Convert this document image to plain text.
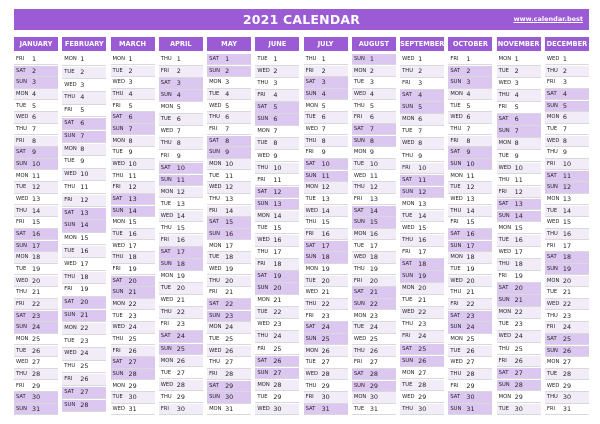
2021 CALENDAR	www.calendar.best
JANUARY
FRI 1
SAT 2
SUN 3
MON 4
TUE 5
WED 6
THU 7
FRI 8
SAT 9
SUN 10
MON 11
TUE 12
WED 13
THU 14
FRI 15
SAT 16
SUN 17
MON 18
TUE 19
WED 20
THU 21
FRI 22
SAT 23
SUN 24
MON 25
TUE 26
WED 27
THU 28
FRI 29
SAT 30
SUN 31
FEBRUARY
MON 1
TUE 2
WED 3
THU 4
FRI 5
SAT 6
SUN 7
MON 8
TUE 9
WED 10
THU 11
FRI 12
SAT 13
SUN 14
MON 15
TUE 16
WED 17
THU 18
FRI 19
SAT 20
SUN 21
MON 22
TUE 23
WED 24
THU 25
FRI 26
SAT 27
SUN 28
MARCH
MON 1
TUE 2
WED 3
THU 4
FRI 5
SAT 6
SUN 7
MON 8
TUE 9
WED 10
THU 11
FRI 12
SAT 13
SUN 14
MON 15
TUE 16
WED 17
THU 18
FRI 19
SAT 20
SUN 21
MON 22
TUE 23
WED 24
THU 25
FRI 26
SAT 27
SUN 28
MON 29
TUE 30
WED 31
APRIL
THU 1
FRI 2
SAT 3
SUN 4
MON 5
TUE 6
WED 7
THU 8
FRI 9
SAT 10
SUN 11
MON 12
TUE 13
WED 14
THU 15
FRI 16
SAT 17
SUN 18
MON 19
TUE 20
WED 21
THU 22
FRI 23
SAT 24
SUN 25
MON 26
TUE 27
WED 28
THU 29
FRI 30
MAY
SAT 1
SUN 2
MON 3
TUE 4
WED 5
THU 6
FRI 7
SAT 8
SUN 9
MON 10
TUE 11
WED 12
THU 13
FRI 14
SAT 15
SUN 16
MON 17
TUE 18
WED 19
THU 20
FRI 21
SAT 22
SUN 23
MON 24
TUE 25
WED 26
THU 27
FRI 28
SAT 29
SUN 30
MON 31
JUNE
TUE 1
WED 2
THU 3
FRI 4
SAT 5
SUN 6
MON 7
TUE 8
WED 9
THU 10
FRI 11
SAT 12
SUN 13
MON 14
TUE 15
WED 16
THU 17
FRI 18
SAT 19
SUN 20
MON 21
TUE 22
WED 23
THU 24
FRI 25
SAT 26
SUN 27
MON 28
TUE 29
WED 30
JULY
THU 1
FRI 2
SAT 3
SUN 4
MON 5
TUE 6
WED 7
THU 8
FRI 9
SAT 10
SUN 11
MON 12
TUE 13
WED 14
THU 15
FRI 16
SAT 17
SUN 18
MON 19
TUE 20
WED 21
THU 22
FRI 23
SAT 24
SUN 25
MON 26
TUE 27
WED 28
THU 29
FRI 30
SAT 31
AUGUST
SUN 1
MON 2
TUE 3
WED 4
THU 5
FRI 6
SAT 7
SUN 8
MON 9
TUE 10
WED 11
THU 12
FRI 13
SAT 14
SUN 15
MON 16
TUE 17
WED 18
THU 19
FRI 20
SAT 21
SUN 22
MON 23
TUE 24
WED 25
THU 26
FRI 27
SAT 28
SUN 29
MON 30
TUE 31
SEPTEMBER
WED 1
THU 2
FRI 3
SAT 4
SUN 5
MON 6
TUE 7
WED 8
THU 9
FRI 10
SAT 11
SUN 12
MON 13
TUE 14
WED 15
THU 16
FRI 17
SAT 18
SUN 19
MON 20
TUE 21
WED 22
THU 23
FRI 24
SAT 25
SUN 26
MON 27
TUE 28
WED 29
THU 30
OCTOBER
FRI 1
SAT 2
SUN 3
MON 4
TUE 5
WED 6
THU 7
FRI 8
SAT 9
SUN 10
MON 11
TUE 12
WED 13
THU 14
FRI 15
SAT 16
SUN 17
MON 18
TUE 19
WED 20
THU 21
FRI 22
SAT 23
SUN 24
MON 25
TUE 26
WED 27
THU 28
FRI 29
SAT 30
SUN 31
NOVEMBER
MON 1
TUE 2
WED 3
THU 4
FRI 5
SAT 6
SUN 7
MON 8
TUE 9
WED 10
THU 11
FRI 12
SAT 13
SUN 14
MON 15
TUE 16
WED 17
THU 18
FRI 19
SAT 20
SUN 21
MON 22
TUE 23
WED 24
THU 25
FRI 26
SAT 27
SUN 28
MON 29
TUE 30
DECEMBER
WED 1
THU 2
FRI 3
SAT 4
SUN 5
MON 6
TUE 7
WED 8
THU 9
FRI 10
SAT 11
SUN 12
MON 13
TUE 14
WED 15
THU 16
FRI 17
SAT 18
SUN 19
MON 20
TUE 21
WED 22
THU 23
FRI 24
SAT 25
SUN 26
MON 27
TUE 28
WED 29
THU 30
FRI 31
